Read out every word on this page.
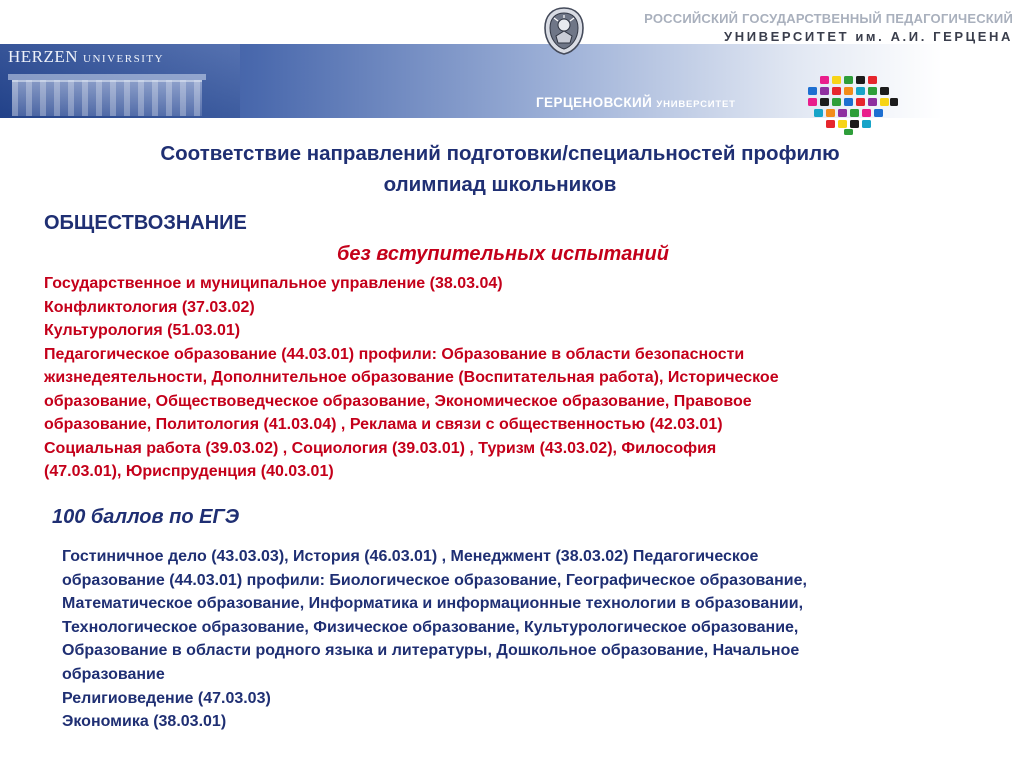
HERZEN UNIVERSITY
ГЕРЦЕНОВСКИЙ УНИВЕРСИТЕТ
РОССИЙСКИЙ ГОСУДАРСТВЕННЫЙ ПЕДАГОГИЧЕСКИЙ
УНИВЕРСИТЕТ им. А.И. ГЕРЦЕНА
Соответствие направлений подготовки/специальностей профилю
олимпиад школьников
ОБЩЕСТВОЗНАНИЕ
без вступительных испытаний
Государственное и муниципальное управление (38.03.04)
Конфликтология (37.03.02)
Культурология (51.03.01)
Педагогическое образование (44.03.01) профили: Образование в области безопасности
жизнедеятельности, Дополнительное образование (Воспитательная работа), Историческое
образование, Обществоведческое образование, Экономическое образование, Правовое
образование, Политология (41.03.04) , Реклама и связи с общественностью (42.03.01)
Социальная работа (39.03.02) , Социология (39.03.01) , Туризм (43.03.02), Философия
(47.03.01), Юриспруденция (40.03.01)
100 баллов по ЕГЭ
Гостиничное дело (43.03.03), История (46.03.01) , Менеджмент (38.03.02) Педагогическое
образование (44.03.01) профили: Биологическое образование, Географическое образование,
Математическое образование, Информатика и информационные технологии в образовании,
Технологическое образование, Физическое образование, Культурологическое образование,
Образование в области родного языка и литературы, Дошкольное образование, Начальное
образование
Религиоведение (47.03.03)
Экономика (38.03.01)
